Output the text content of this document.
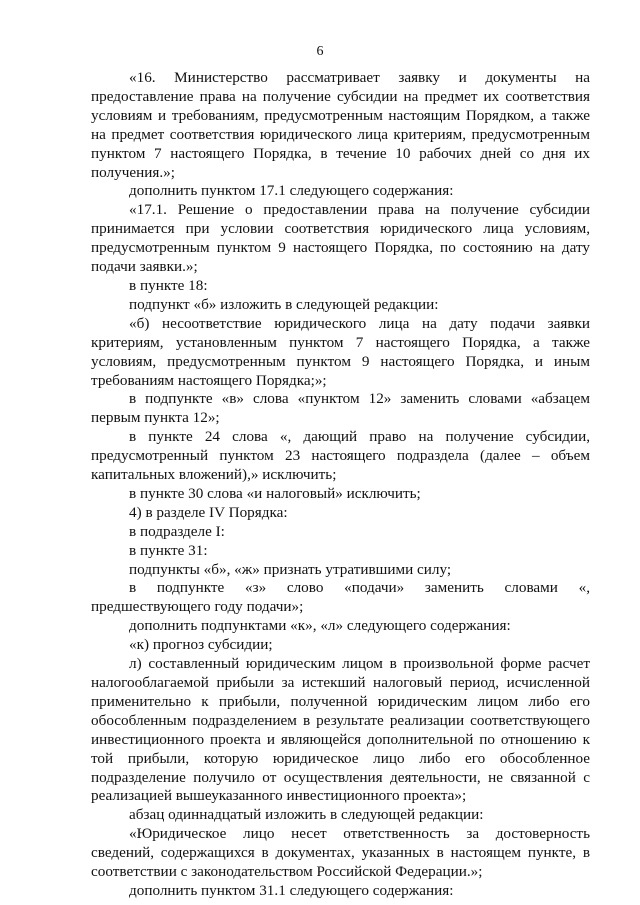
6

«16. Министерство рассматривает заявку и документы на предоставление права на получение субсидии на предмет их соответствия условиям и требованиям, предусмотренным настоящим Порядком, а также на предмет соответствия юридического лица критериям, предусмотренным пунктом 7 настоящего Порядка, в течение 10 рабочих дней со дня их получения.»;

дополнить пунктом 17.1 следующего содержания:

«17.1. Решение о предоставлении права на получение субсидии принимается при условии соответствия юридического лица условиям, предусмотренным пунктом 9 настоящего Порядка, по состоянию на дату подачи заявки.»;

в пункте 18:

подпункт «б» изложить в следующей редакции:

«б) несоответствие юридического лица на дату подачи заявки критериям, установленным пунктом 7 настоящего Порядка, а также условиям, предусмотренным пунктом 9 настоящего Порядка, и иным требованиям настоящего Порядка;»;

в подпункте «в» слова «пунктом 12» заменить словами «абзацем первым пункта 12»;

в пункте 24 слова «, дающий право на получение субсидии, предусмотренный пунктом 23 настоящего подраздела (далее – объем капитальных вложений),» исключить;

в пункте 30 слова «и налоговый» исключить;

4) в разделе IV Порядка:

в подразделе I:

в пункте 31:

подпункты «б», «ж» признать утратившими силу;

в подпункте «з» слово «подачи» заменить словами «, предшествующего году подачи»;

дополнить подпунктами «к», «л» следующего содержания:

«к) прогноз субсидии;

л) составленный юридическим лицом в произвольной форме расчет налогооблагаемой прибыли за истекший налоговый период, исчисленной применительно к прибыли, полученной юридическим лицом либо его обособленным подразделением в результате реализации соответствующего инвестиционного проекта и являющейся дополнительной по отношению к той прибыли, которую юридическое лицо либо его обособленное подразделение получило от осуществления деятельности, не связанной с реализацией вышеуказанного инвестиционного проекта»;

абзац одиннадцатый изложить в следующей редакции:

«Юридическое лицо несет ответственность за достоверность сведений, содержащихся в документах, указанных в настоящем пункте, в соответствии с законодательством Российской Федерации.»;

дополнить пунктом 31.1 следующего содержания:
